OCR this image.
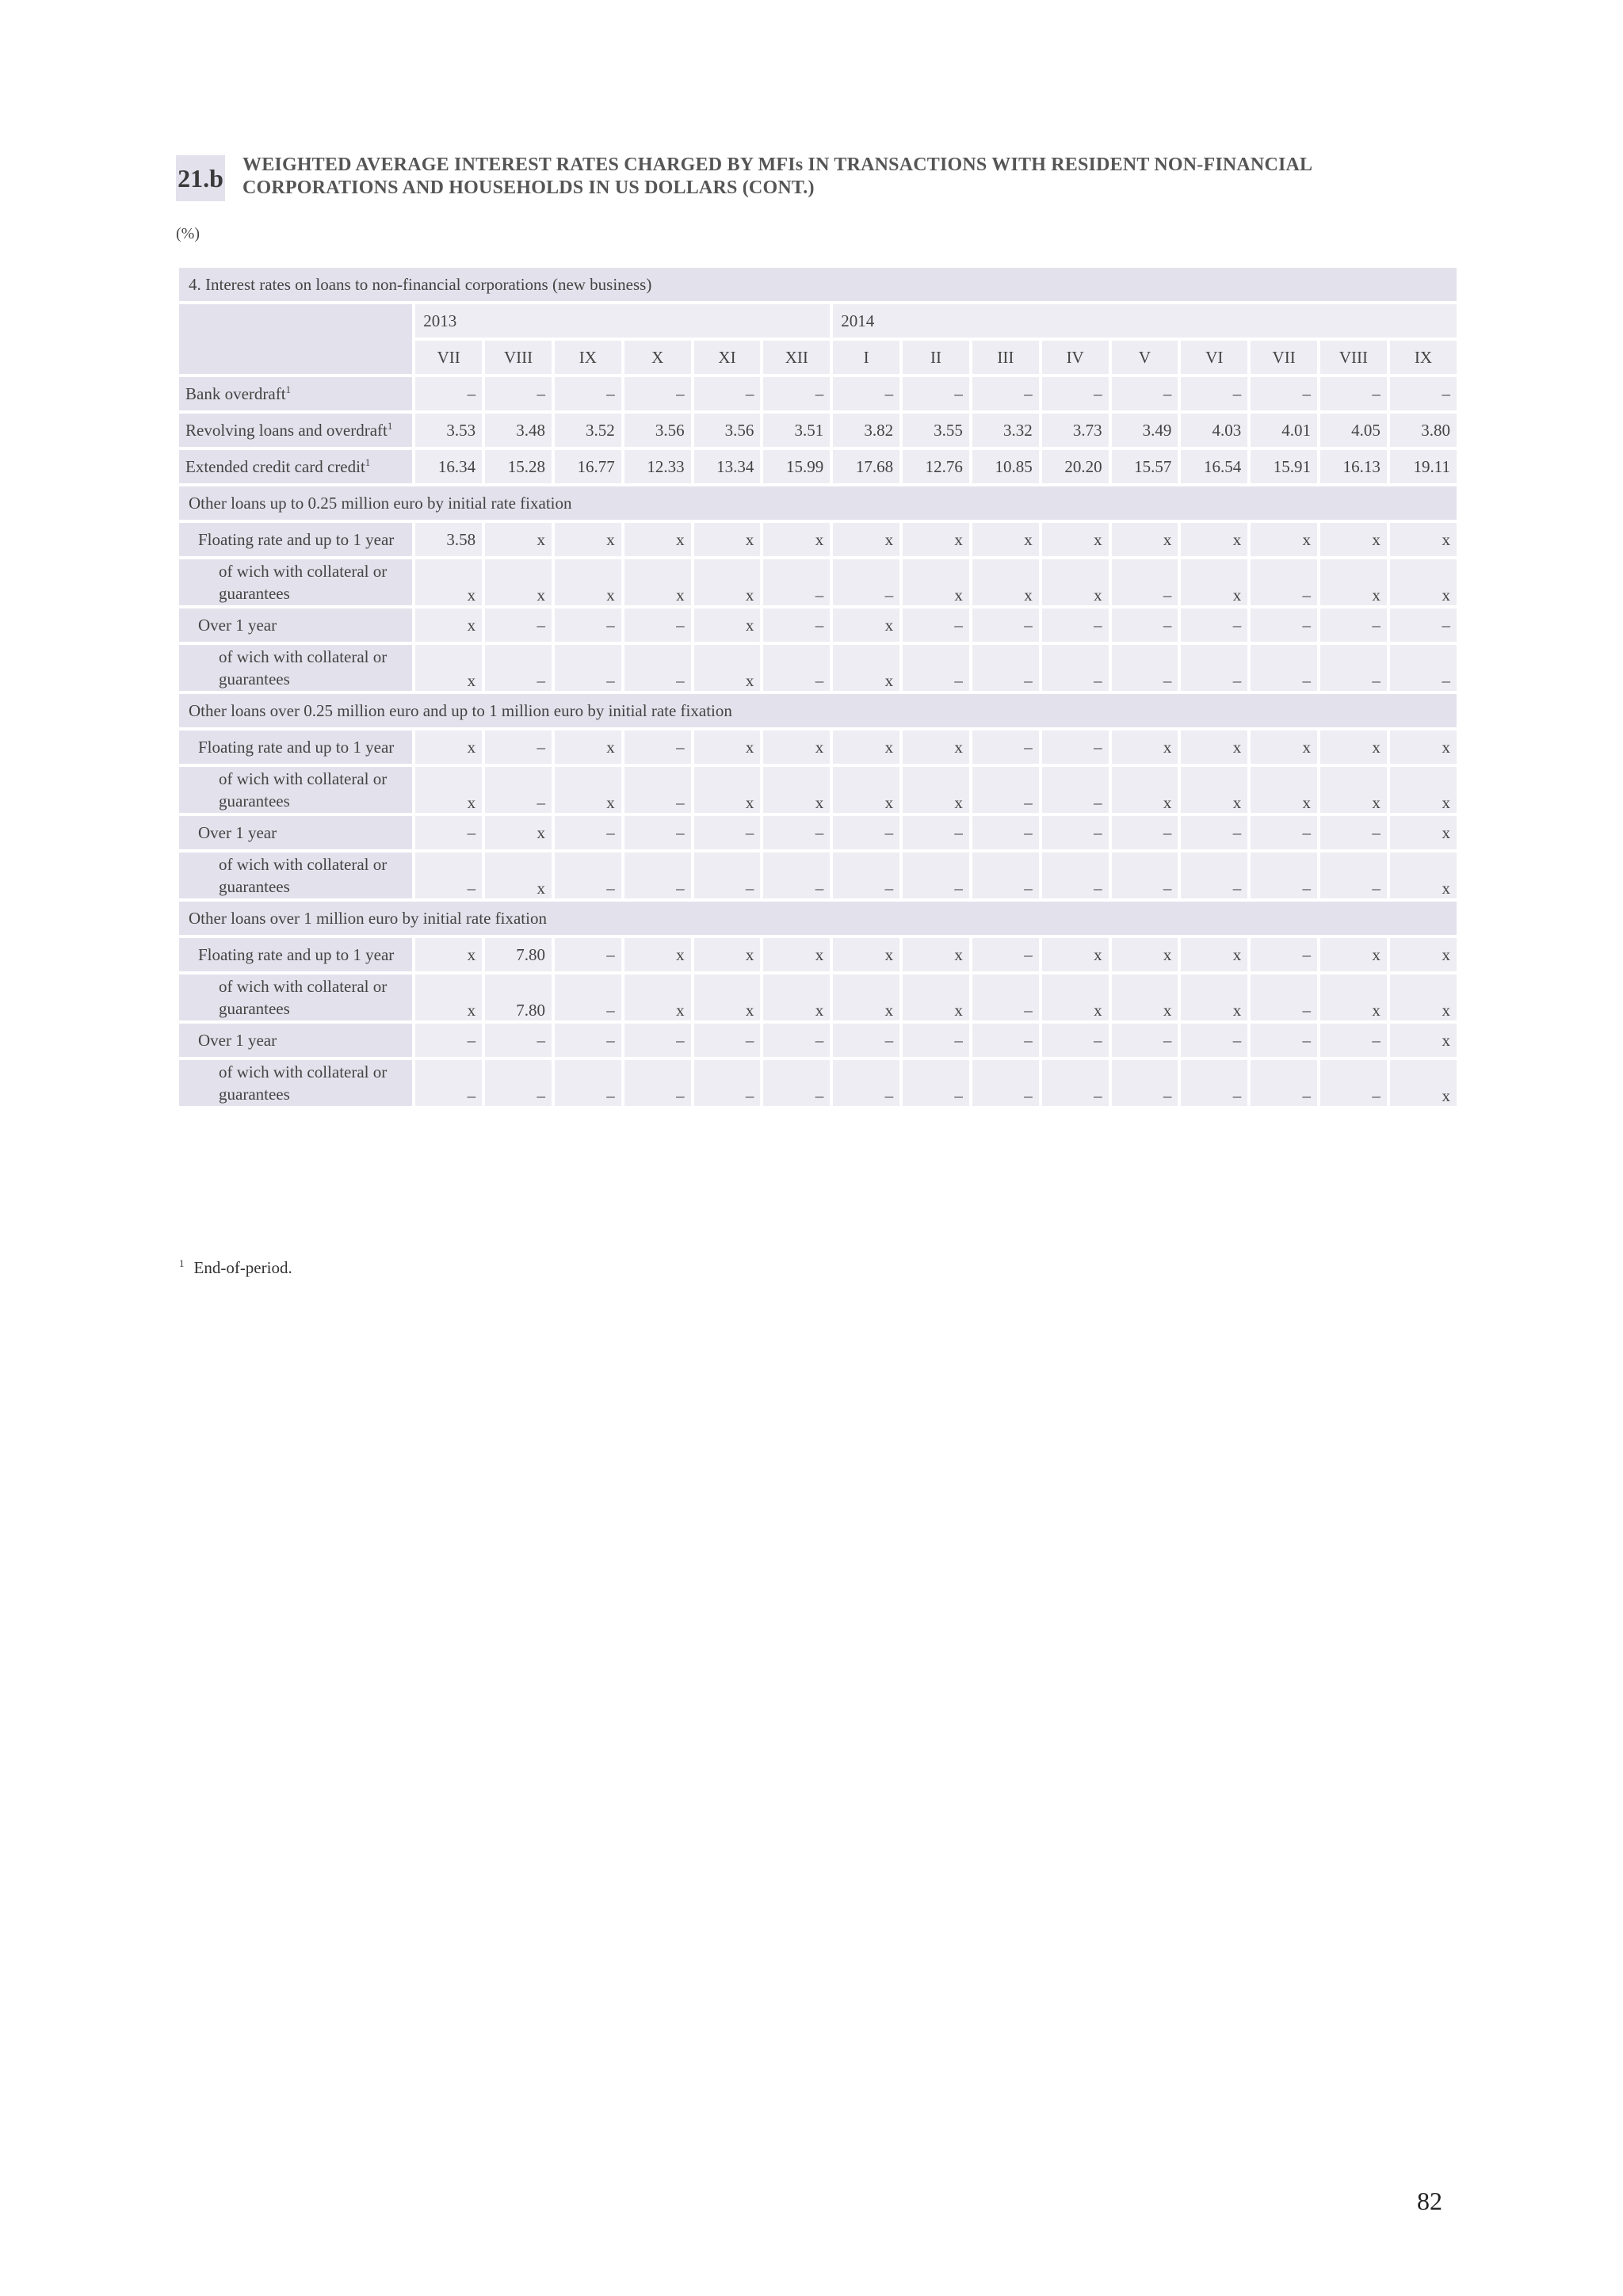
21.b WEIGHTED AVERAGE INTEREST RATES CHARGED BY MFIs IN TRANSACTIONS WITH RESIDENT NON-FINANCIAL
CORPORATIONS AND HOUSEHOLDS IN US DOLLARS (CONT.)
(%)
4. Interest rates on loans to non-financial corporations (new business)															
	2013						2014								
	VII	VIII	IX	X	XI	XII	I	II	III	IV	V	VI	VII	VIII	IX
Bank overdraft$^1$	–	–	–	–	–	–	–	–	–	–	–	–	–	–	–
Revolving loans and overdraft$^1$	3.53	3.48	3.52	3.56	3.56	3.51	3.82	3.55	3.32	3.73	3.49	4.03	4.01	4.05	3.80
Extended credit card credit$^1$	16.34	15.28	16.77	12.33	13.34	15.99	17.68	12.76	10.85	20.20	15.57	16.54	15.91	16.13	19.11
Other loans up to 0.25 million euro by initial rate fixation															
Floating rate and up to 1 year	3.58	x	x	x	x	x	x	x	x	x	x	x	x	x	x
of wich with collateral or
guarantees	x	x	x	x	x	–	–	x	x	x	–	x	–	x	x
Over 1 year	x	–	–	–	x	–	x	–	–	–	–	–	–	–	–
of wich with collateral or
guarantees	x	–	–	–	x	–	x	–	–	–	–	–	–	–	–
Other loans over 0.25 million euro and up to 1 million euro by initial rate fixation															
Floating rate and up to 1 year	x	–	x	–	x	x	x	x	–	–	x	x	x	x	x
of wich with collateral or
guarantees	x	–	x	–	x	x	x	x	–	–	x	x	x	x	x
Over 1 year	–	x	–	–	–	–	–	–	–	–	–	–	–	–	x
of wich with collateral or
guarantees	–	x	–	–	–	–	–	–	–	–	–	–	–	–	x
Other loans over 1 million euro by initial rate fixation															
Floating rate and up to 1 year	x	7.80	–	x	x	x	x	x	–	x	x	x	–	x	x
of wich with collateral or
guarantees	x	7.80	–	x	x	x	x	x	–	x	x	x	–	x	x
Over 1 year	–	–	–	–	–	–	–	–	–	–	–	–	–	–	x
of wich with collateral or
guarantees	–	–	–	–	–	–	–	–	–	–	–	–	–	–	x
$^1$ End-of-period.
82
